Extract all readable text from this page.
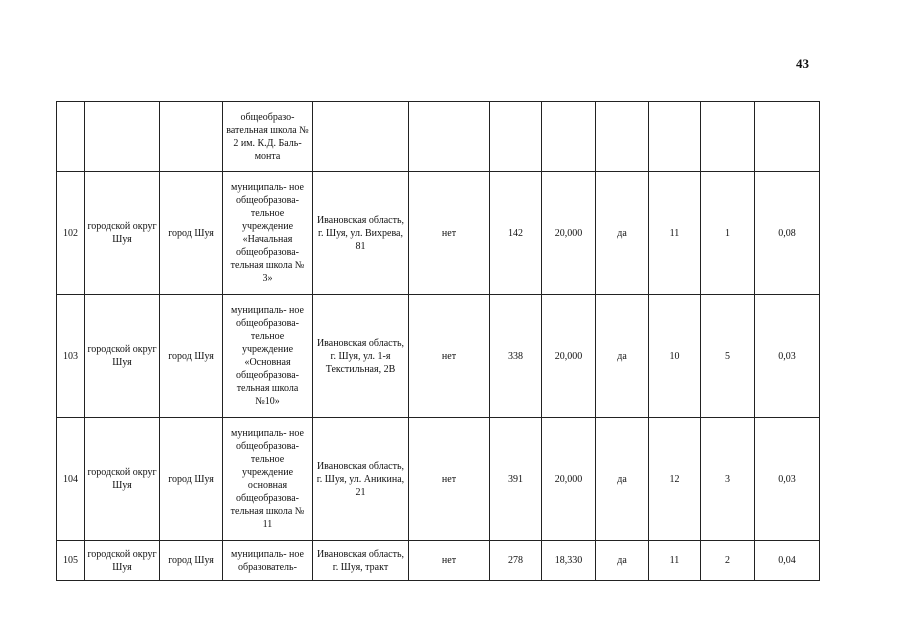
43
			общеобразо- вательная школа № 2 им. К.Д. Баль- монта								
102	городской округ Шуя	город Шуя	муниципаль- ное общеобразова- тельное учреждение «Начальная общеобразова- тельная школа № 3»	Ивановская область, г. Шуя, ул. Вихрева, 81	нет	142	20,000	да	11	1	0,08
103	городской округ Шуя	город Шуя	муниципаль- ное общеобразова- тельное учреждение «Основная общеобразова- тельная школа №10»	Ивановская область, г. Шуя, ул. 1-я Текстильная, 2В	нет	338	20,000	да	10	5	0,03
104	городской округ Шуя	город Шуя	муниципаль- ное общеобразова- тельное учреждение основная общеобразова- тельная школа № 11	Ивановская область, г. Шуя, ул. Аникина, 21	нет	391	20,000	да	12	3	0,03
105	городской округ Шуя	город Шуя	муниципаль- ное образователь-	Ивановская область, г. Шуя, тракт	нет	278	18,330	да	11	2	0,04
